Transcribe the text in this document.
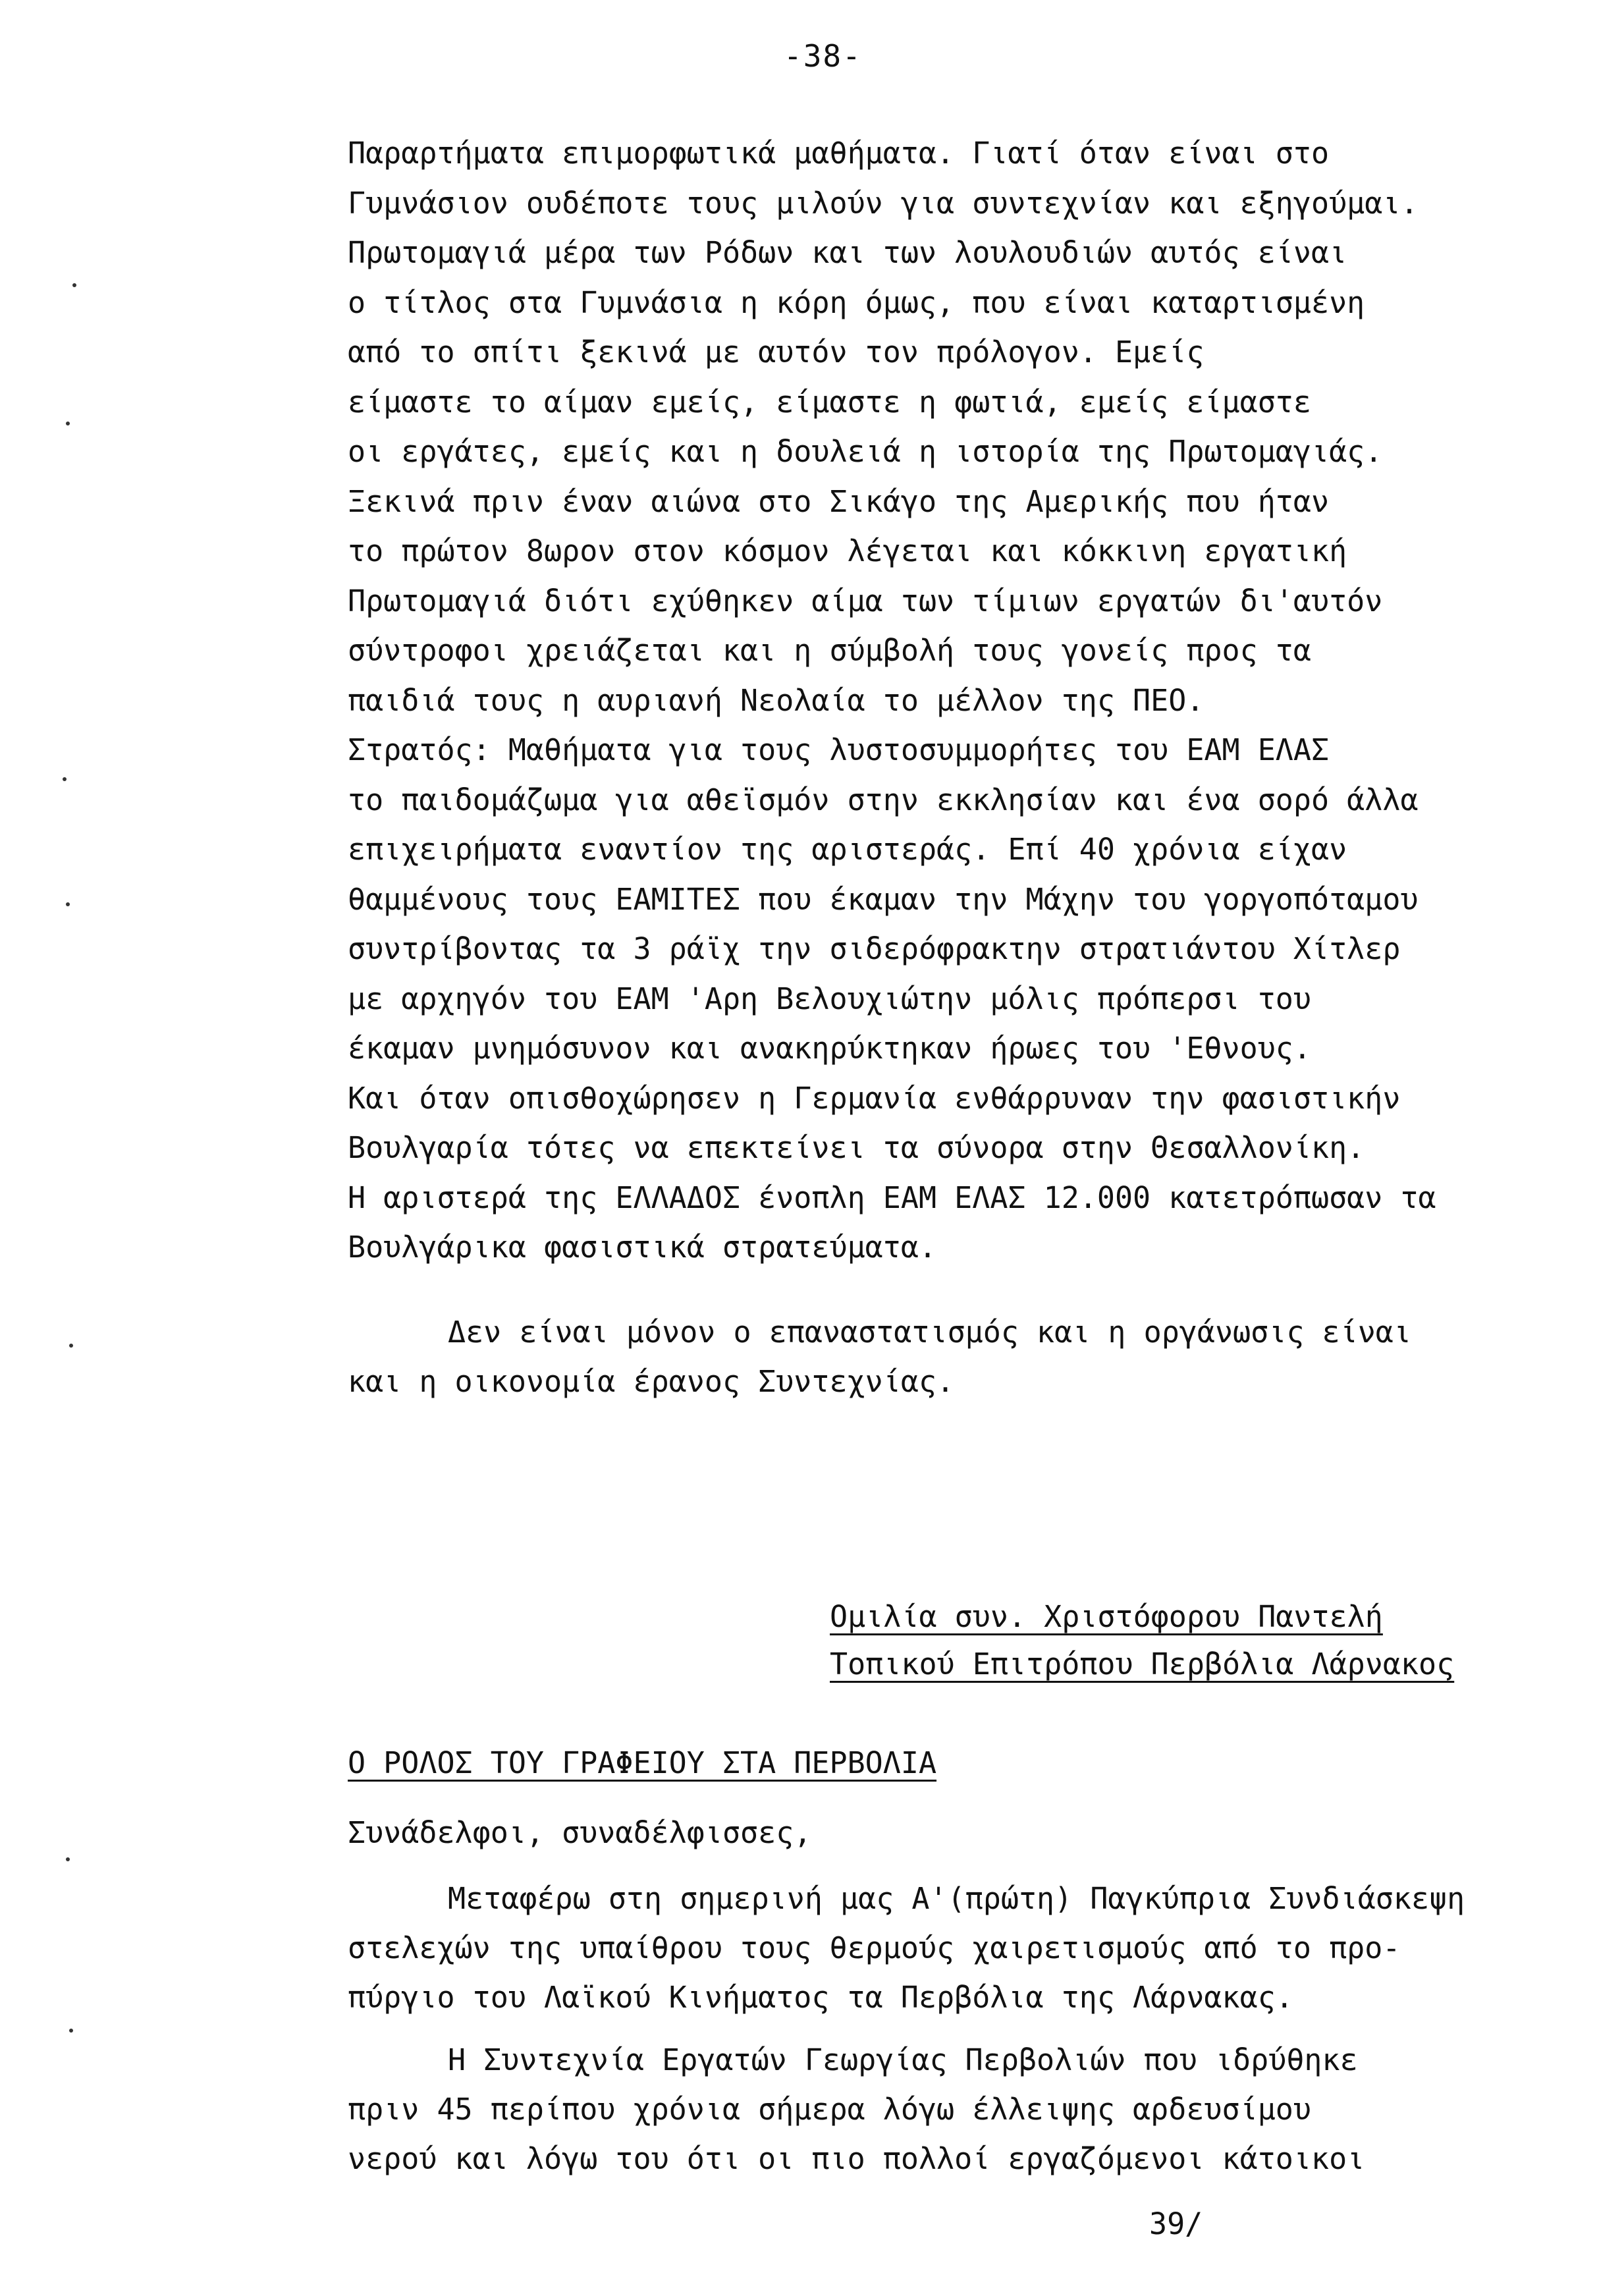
-38-
Παραρτήματα επιμορφωτικά μαθήματα. Γιατί όταν είναι στο
Γυμνάσιον ουδέποτε τους μιλούν για συντεχνίαν και εξηγούμαι.
Πρωτομαγιά μέρα των Ρόδων και των λουλουδιών αυτός είναι
ο τίτλος στα Γυμνάσια η κόρη όμως, που είναι καταρτισμένη
από το σπίτι ξεκινά με αυτόν τον πρόλογον. Εμείς
είμαστε το αίμαν εμείς, είμαστε η φωτιά, εμείς είμαστε
οι εργάτες, εμείς και η δουλειά η ιστορία της Πρωτομαγιάς.
Ξεκινά πριν έναν αιώνα στο Σικάγο της Αμερικής που ήταν
το πρώτον 8ωρον στον κόσμον λέγεται και κόκκινη εργατική
Πρωτομαγιά διότι εχύθηκεν αίμα των τίμιων εργατών δι'αυτόν
σύντροφοι χρειάζεται και η σύμβολή τους γονείς προς τα
παιδιά τους η αυριανή Νεολαία το μέλλον της ΠΕΟ.
Στρατός: Μαθήματα για τους λυστοσυμμορήτες του ΕΑΜ ΕΛΑΣ
το παιδομάζωμα για αθεϊσμόν στην εκκλησίαν και ένα σορό άλλα
επιχειρήματα εναντίον της αριστεράς. Επί 40 χρόνια είχαν
θαμμένους τους ΕΑΜΙΤΕΣ που έκαμαν την Μάχην του γοργοπόταμου
συντρίβοντας τα 3 ράϊχ την σιδερόφρακτην στρατιάντου Χίτλερ
με αρχηγόν του ΕΑΜ 'Αρη Βελουχιώτην μόλις πρόπερσι του
έκαμαν μνημόσυνον και ανακηρύκτηκαν ήρωες του 'Εθνους.
Και όταν οπισθοχώρησεν η Γερμανία ενθάρρυναν την φασιστικήν
Βουλγαρία τότες να επεκτείνει τα σύνορα στην Θεσαλλονίκη.
Η αριστερά της ΕΛΛΑΔΟΣ ένοπλη ΕΑΜ ΕΛΑΣ 12.000 κατετρόπωσαν τα
Βουλγάρικα φασιστικά στρατεύματα.
Δεν είναι μόνον ο επαναστατισμός και η οργάνωσις είναι
και η οικονομία έρανος Συντεχνίας.
Ομιλία συν. Χριστόφορου Παντελή
Τοπικού Επιτρόπου Περβόλια Λάρνακος
Ο ΡΟΛΟΣ ΤΟΥ ΓΡΑΦΕΙΟΥ ΣΤΑ ΠΕΡΒΟΛΙΑ
Συνάδελφοι, συναδέλφισσες,
Μεταφέρω στη σημερινή μας Α'(πρώτη) Παγκύπρια Συνδιάσκεψη
στελεχών της υπαίθρου τους θερμούς χαιρετισμούς από το προ-
πύργιο του Λαϊκού Κινήματος τα Περβόλια της Λάρνακας.
Η Συντεχνία Εργατών Γεωργίας Περβολιών που ιδρύθηκε
πριν 45 περίπου χρόνια σήμερα λόγω έλλειψης αρδευσίμου
νερού και λόγω του ότι οι πιο πολλοί εργαζόμενοι κάτοικοι
39/
